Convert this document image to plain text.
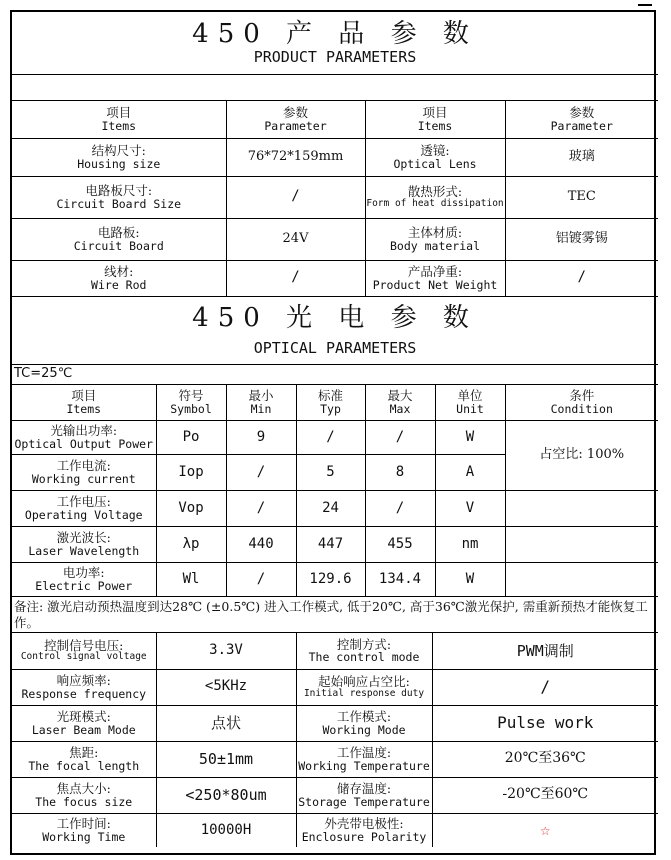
450 产 品 参 数
PRODUCT PARAMETERS			

项目
Items	参数
Parameter	项目
Items	参数
Parameter

结构尺寸:
Housing size	76*72*159mm	透镜:
Optical Lens	玻璃

电路板尺寸:
Circuit Board Size	/	散热形式:
Form of heat dissipation	TEC

电路板:
Circuit Board	24V	主体材质:
Body material	铝镀雾锡

线材:
Wire Rod	/	产品净重:
Product Net Weight	/
450 光 电 参 数
OPTICAL PARAMETERS						

TC=25℃						

项目
Items	符号
Symbol	最小
Min	标准
Typ	最大
Max	单位
Unit	条件
Condition

光输出功率:
Optical Output Power	Po	9	/	/	W	占空比: 100%

工作电流:
Working current	Iop	/	5	8	A	

工作电压:
Operating Voltage	Vop	/	24	/	V	

激光波长:
Laser Wavelength	λp	440	447	455	nm	

电功率:
Electric Power	Wl	/	129.6	134.4	W	
备注: 激光启动预热温度到达28℃ (±0.5℃) 进入工作模式, 低于20℃, 高于36℃激光保护, 需重新预热才能恢复工作。						
控制信号电压:
Control signal voltage	3.3V	控制方式:
The control mode	PWM调制

响应频率:
Response frequency	<5KHz	起始响应占空比:
Initial response duty	/

光斑模式:
Laser Beam Mode	点状	工作模式:
Working Mode	Pulse work

焦距:
The focal length	50±1mm	工作温度:
Working Temperature	20℃至36℃

焦点大小:
The focus size	<250*80um	储存温度:
Storage Temperature	-20℃至60℃

工作时间:
Working Time	10000H	外壳带电极性:
Enclosure Polarity	☆
